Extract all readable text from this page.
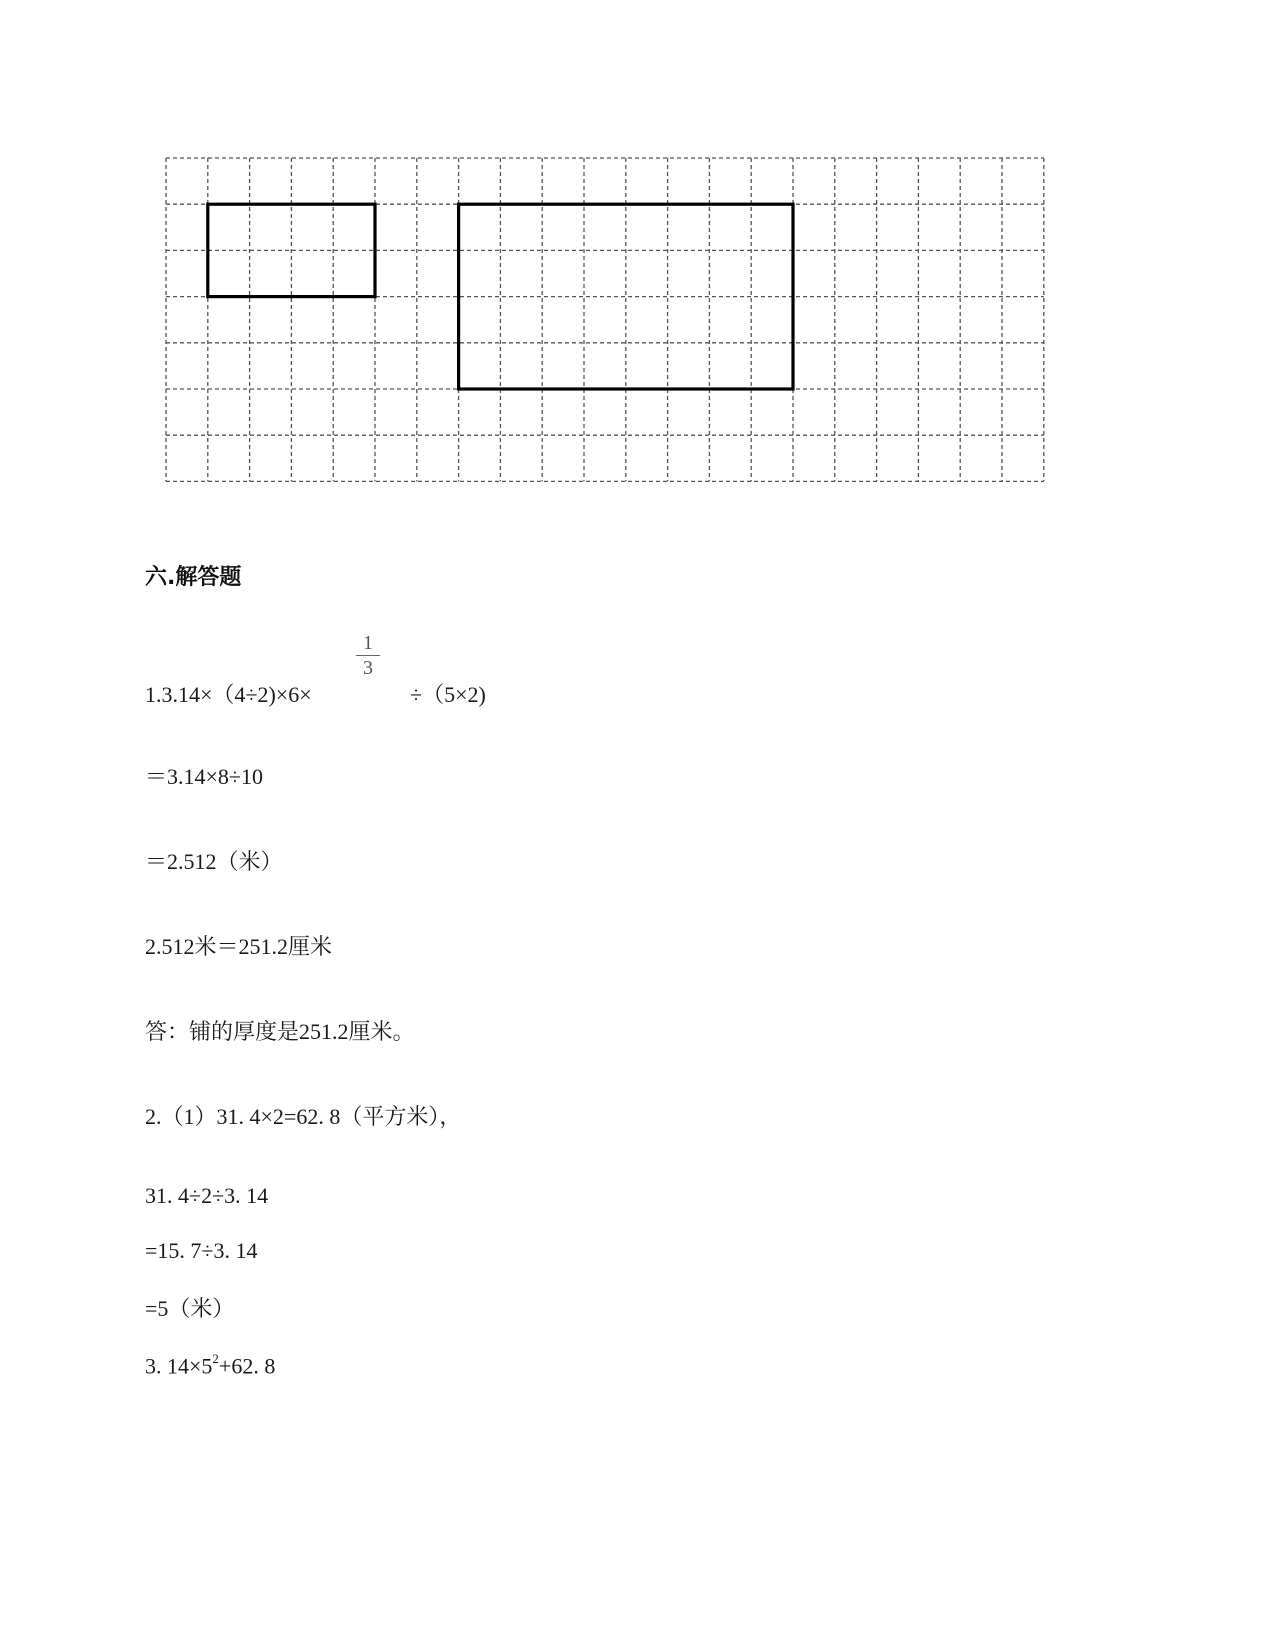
六.解答题
1.3.14×（4÷2)×6×
1
3
÷（5×2)
＝3.14×8÷10
＝2.512（米）
2.512米＝251.2厘米
答：铺的厚度是251.2厘米。
2.（1）31. 4×2=62. 8（平方米），
31. 4÷2÷3. 14
=15. 7÷3. 14
=5（米）
3. $14\times 5^2+62$. 8
